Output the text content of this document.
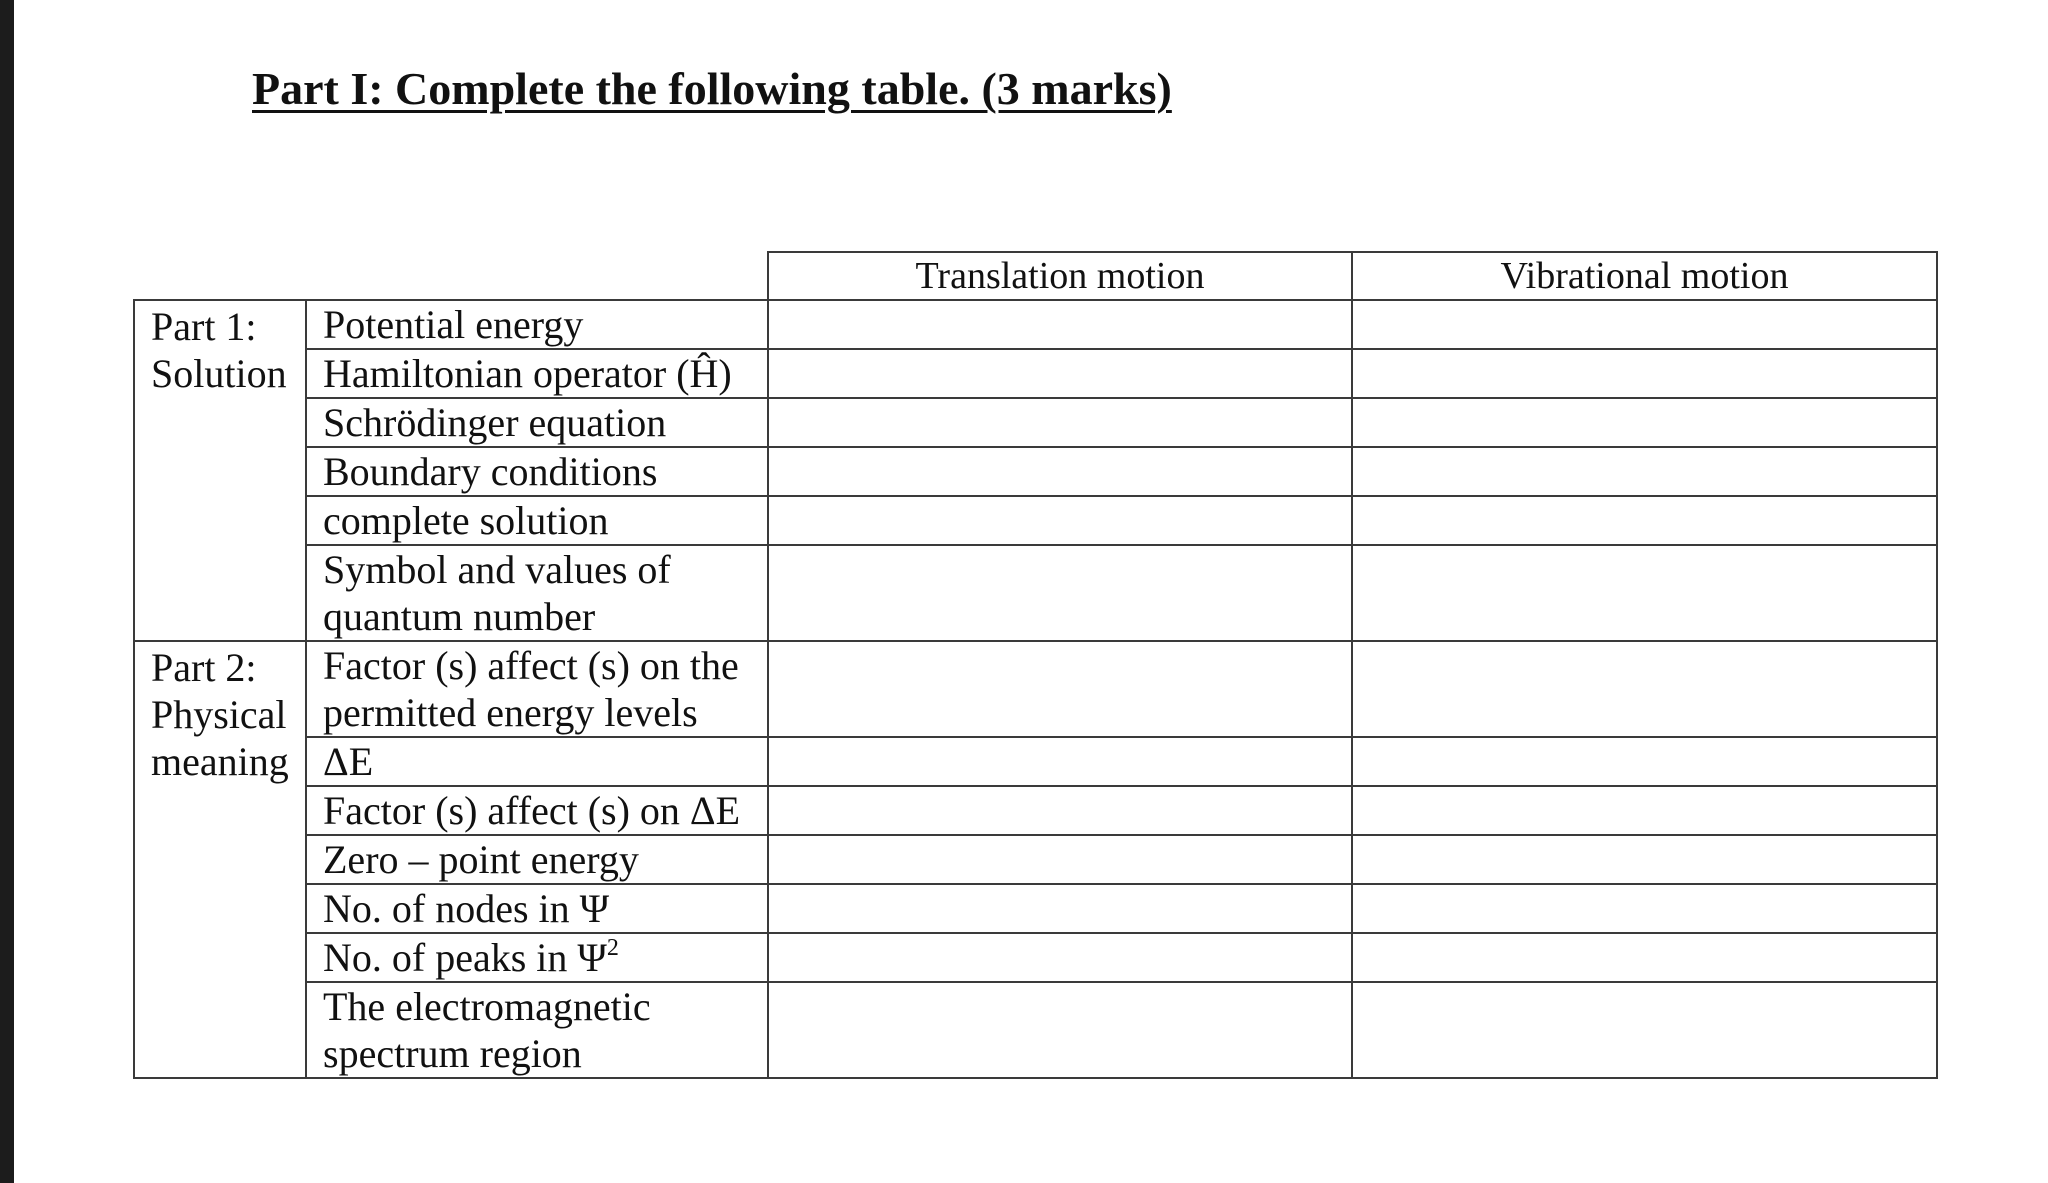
Part I: Complete the following table. (3 marks)
		Translation motion	Vibrational motion
Part 1:
Solution	Potential energy		
	Hamiltonian operator (Ĥ)		
	Schrödinger equation		
	Boundary conditions		
	complete solution		
	Symbol and values of
quantum number		

Part 2:
Physical
meaning	Factor (s) affect (s) on the
permitted energy levels		
	ΔE		
	Factor (s) affect (s) on ΔE		
	Zero – point energy		
	No. of nodes in Ψ		
	No. of peaks in $\Psi^2$		
	The electromagnetic
spectrum region		
